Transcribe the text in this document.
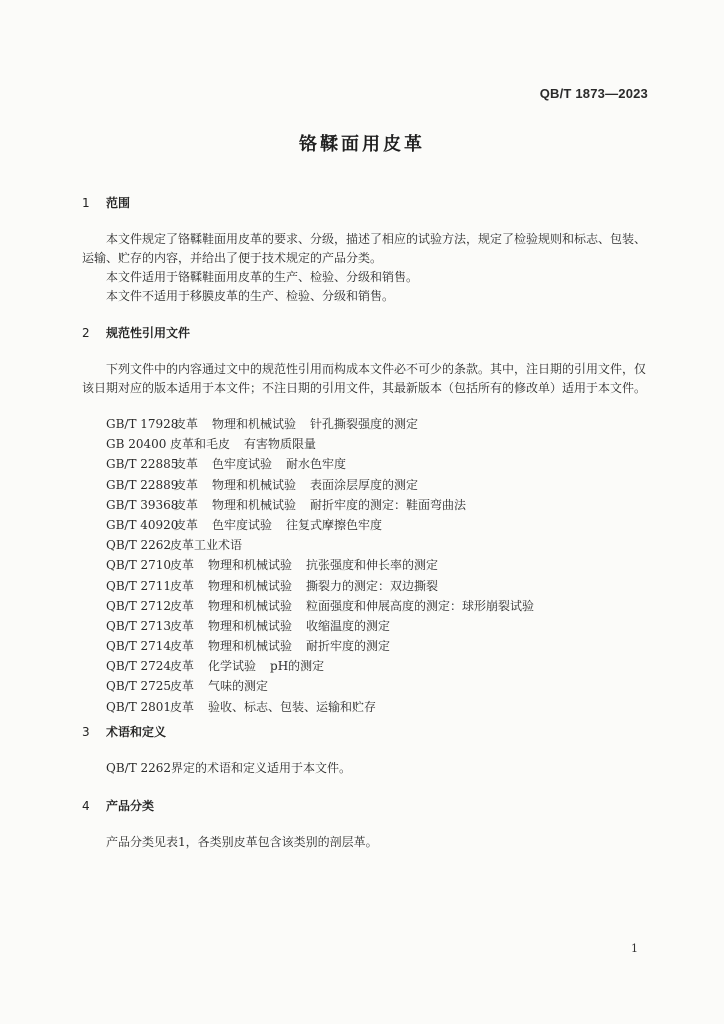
QB/T 1873—2023
铬鞣面用皮革
1 范围
本文件规定了铬鞣鞋面用皮革的要求、分级，描述了相应的试验方法，规定了检验规则和标志、包装、运输、贮存的内容，并给出了便于技术规定的产品分类。
本文件适用于铬鞣鞋面用皮革的生产、检验、分级和销售。
本文件不适用于移膜皮革的生产、检验、分级和销售。
2 规范性引用文件
下列文件中的内容通过文中的规范性引用而构成本文件必不可少的条款。其中，注日期的引用文件，仅该日期对应的版本适用于本文件；不注日期的引用文件，其最新版本（包括所有的修改单）适用于本文件。
GB/T 17928
皮革 物理和机械试验 针孔撕裂强度的测定
GB 20400 皮革和毛皮 有害物质限量
GB/T 22885
皮革 色牢度试验 耐水色牢度
GB/T 22889
皮革 物理和机械试验 表面涂层厚度的测定
GB/T 39368
皮革 物理和机械试验 耐折牢度的测定：鞋面弯曲法
GB/T 40920
皮革 色牢度试验 往复式摩擦色牢度
QB/T 2262
皮革工业术语
QB/T 2710
皮革 物理和机械试验 抗张强度和伸长率的测定
QB/T 2711
皮革 物理和机械试验 撕裂力的测定：双边撕裂
QB/T 2712
皮革 物理和机械试验 粒面强度和伸展高度的测定：球形崩裂试验
QB/T 2713
皮革 物理和机械试验 收缩温度的测定
QB/T 2714
皮革 物理和机械试验 耐折牢度的测定
QB/T 2724
皮革 化学试验 pH的测定
QB/T 2725
皮革 气味的测定
QB/T 2801
皮革 验收、标志、包装、运输和贮存
3 术语和定义
QB/T 2262界定的术语和定义适用于本文件。
4 产品分类
产品分类见表1，各类别皮革包含该类别的剖层革。
1
